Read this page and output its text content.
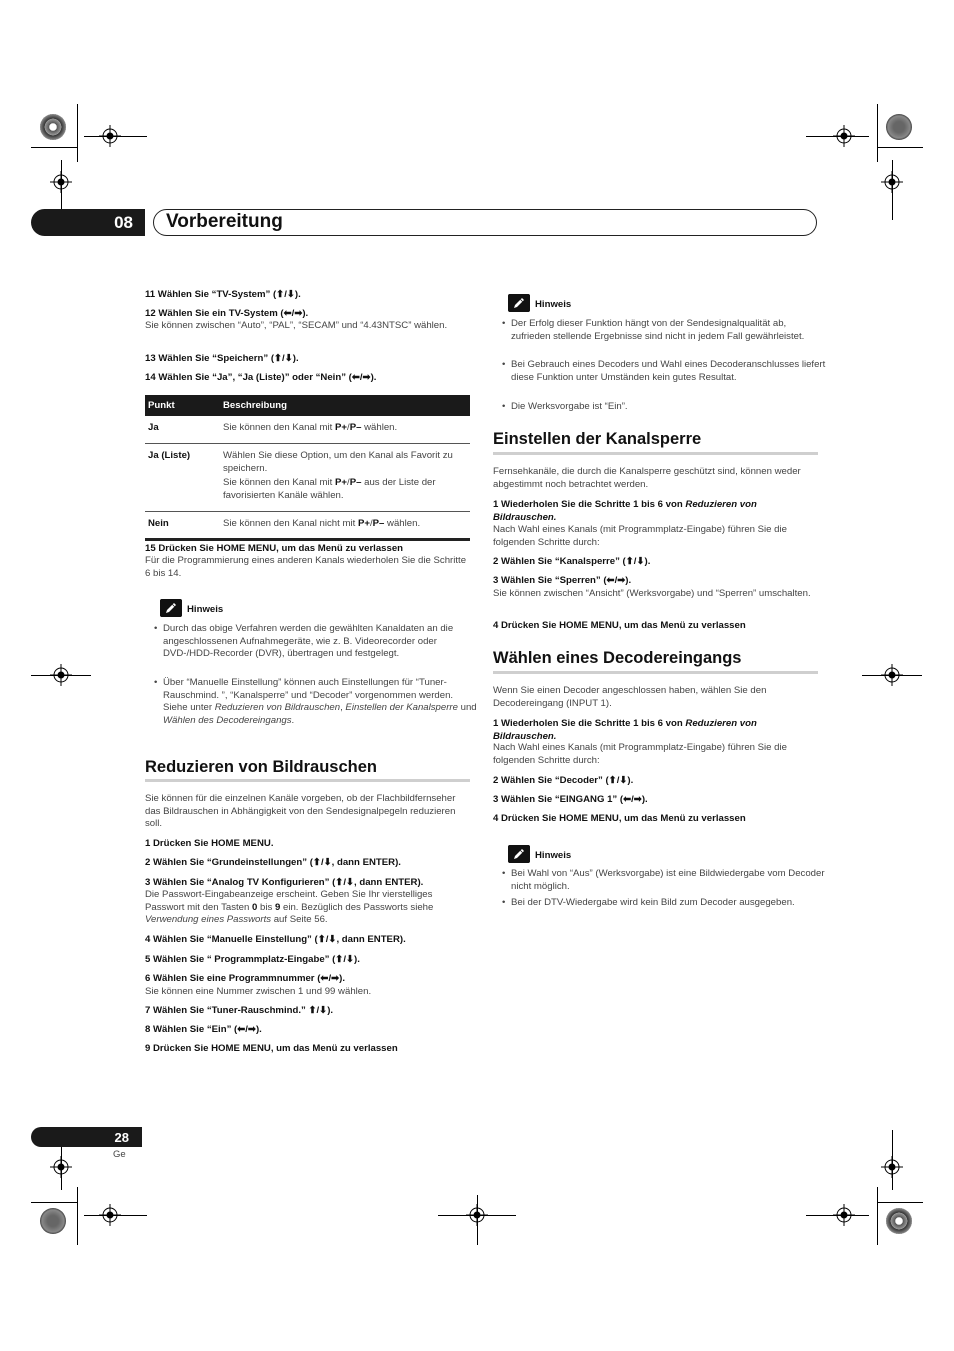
08	Vorbereitung
11 Wählen Sie “TV-System” (⬆/⬇).
12 Wählen Sie ein TV-System (⬅/➡).
Sie können zwischen “Auto”, “PAL”, “SECAM” und “4.43NTSC” wählen.
13 Wählen Sie “Speichern” (⬆/⬇).
14 Wählen Sie “Ja”, “Ja (Liste)” oder “Nein” (⬅/➡).
Punkt	Beschreibung
Ja	Sie können den Kanal mit P+/P– wählen.
Ja (Liste)	Wählen Sie diese Option, um den Kanal als Favorit zu speichern.
Sie können den Kanal mit P+/P– aus der Liste der favorisierten Kanäle wählen.
Nein	Sie können den Kanal nicht mit P+/P– wählen.
15 Drücken Sie HOME MENU, um das Menü zu verlassen
Für die Programmierung eines anderen Kanals wiederholen Sie die Schritte 6 bis 14.
Hinweis
• Durch das obige Verfahren werden die gewählten Kanaldaten an die angeschlossenen Aufnahmegeräte, wie z. B. Videorecorder oder DVD-/HDD-Recorder (DVR), übertragen und festgelegt.
• Über “Manuelle Einstellung” können auch Einstellungen für “Tuner-Rauschmind. ”, “Kanalsperre” und “Decoder” vorgenommen werden. Siehe unter Reduzieren von Bildrauschen, Einstellen der Kanalsperre und Wählen des Decodereingangs.
Reduzieren von Bildrauschen
Sie können für die einzelnen Kanäle vorgeben, ob der Flachbildfernseher das Bildrauschen in Abhängigkeit von den Sendesignalpegeln reduzieren soll.
1 Drücken Sie HOME MENU.
2 Wählen Sie “Grundeinstellungen” (⬆/⬇, dann ENTER).
3 Wählen Sie “Analog TV Konfigurieren” (⬆/⬇, dann ENTER).
Die Passwort-Eingabeanzeige erscheint. Geben Sie Ihr vierstelliges Passwort mit den Tasten 0 bis 9 ein. Bezüglich des Passworts siehe Verwendung eines Passworts auf Seite 56.
4 Wählen Sie “Manuelle Einstellung” (⬆/⬇, dann ENTER).
5 Wählen Sie “ Programmplatz-Eingabe” (⬆/⬇).
6 Wählen Sie eine Programmnummer (⬅/➡).
Sie können eine Nummer zwischen 1 und 99 wählen.
7 Wählen Sie “Tuner-Rauschmind.” ⬆/⬇).
8 Wählen Sie “Ein” (⬅/➡).
9 Drücken Sie HOME MENU, um das Menü zu verlassen
Hinweis
• Der Erfolg dieser Funktion hängt von der Sendesignalqualität ab, zufrieden stellende Ergebnisse sind nicht in jedem Fall gewährleistet.
• Bei Gebrauch eines Decoders und Wahl eines Decoderanschlusses liefert diese Funktion unter Umständen kein gutes Resultat.
• Die Werksvorgabe ist “Ein”.
Einstellen der Kanalsperre
Fernsehkanäle, die durch die Kanalsperre geschützt sind, können weder abgestimmt noch betrachtet werden.
1 Wiederholen Sie die Schritte 1 bis 6 von Reduzieren von
Bildrauschen.
Nach Wahl eines Kanals (mit Programmplatz-Eingabe) führen Sie die folgenden Schritte durch:
2 Wählen Sie “Kanalsperre” (⬆/⬇).
3 Wählen Sie “Sperren” (⬅/➡).
Sie können zwischen “Ansicht” (Werksvorgabe) und “Sperren” umschalten.
4 Drücken Sie HOME MENU, um das Menü zu verlassen
Wählen eines Decodereingangs
Wenn Sie einen Decoder angeschlossen haben, wählen Sie den Decodereingang (INPUT 1).
1 Wiederholen Sie die Schritte 1 bis 6 von Reduzieren von
Bildrauschen.
Nach Wahl eines Kanals (mit Programmplatz-Eingabe) führen Sie die folgenden Schritte durch:
2 Wählen Sie “Decoder” (⬆/⬇).
3 Wählen Sie “EINGANG 1” (⬅/➡).
4 Drücken Sie HOME MENU, um das Menü zu verlassen
Hinweis
• Bei Wahl von “Aus” (Werksvorgabe) ist eine Bildwiedergabe vom Decoder nicht möglich.
• Bei der DTV-Wiedergabe wird kein Bild zum Decoder ausgegeben.
28
Ge
